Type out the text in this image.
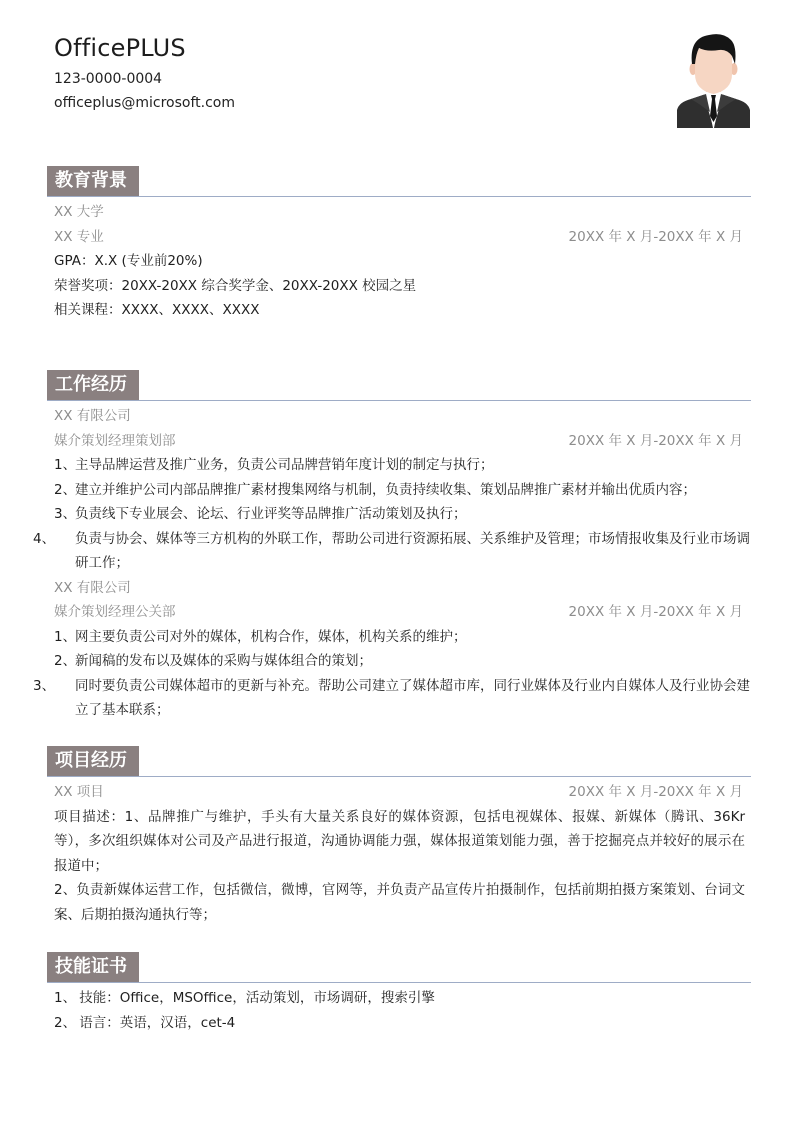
OfficePLUS
123-0000-0004
officeplus@microsoft.com
教育背景
XX 大学
XX 专业	20XX 年 X 月-20XX 年 X 月
GPA：X.X (专业前20%)
荣誉奖项：20XX-20XX 综合奖学金、20XX-20XX 校园之星
相关课程：XXXX、XXXX、XXXX
工作经历
XX 有限公司
媒介策划经理策划部	20XX 年 X 月-20XX 年 X 月
1、主导品牌运营及推广业务，负责公司品牌营销年度计划的制定与执行；
2、建立并维护公司内部品牌推广素材搜集网络与机制，负责持续收集、策划品牌推广素材并输出优质内容；
3、负责线下专业展会、论坛、行业评奖等品牌推广活动策划及执行；
4、 负责与协会、媒体等三方机构的外联工作，帮助公司进行资源拓展、关系维护及管理；市场情报收集及行业市场调研工作；
XX 有限公司
媒介策划经理公关部	20XX 年 X 月-20XX 年 X 月
1、网主要负责公司对外的媒体，机构合作，媒体，机构关系的维护；
2、新闻稿的发布以及媒体的采购与媒体组合的策划；
3、 同时要负责公司媒体超市的更新与补充。帮助公司建立了媒体超市库，同行业媒体及行业内自媒体人及行业协会建立了基本联系；
项目经历
XX 项目	20XX 年 X 月-20XX 年 X 月
项目描述：1、品牌推广与维护，手头有大量关系良好的媒体资源，包括电视媒体、报媒、新媒体（腾讯、36Kr等），多次组织媒体对公司及产品进行报道，沟通协调能力强，媒体报道策划能力强，善于挖掘亮点并较好的展示在报道中；
2、负责新媒体运营工作，包括微信，微博，官网等，并负责产品宣传片拍摄制作，包括前期拍摄方案策划、台词文案、后期拍摄沟通执行等；
技能证书
1、 技能：Office，MSOffice，活动策划，市场调研，搜索引擎
2、 语言：英语，汉语，cet-4
